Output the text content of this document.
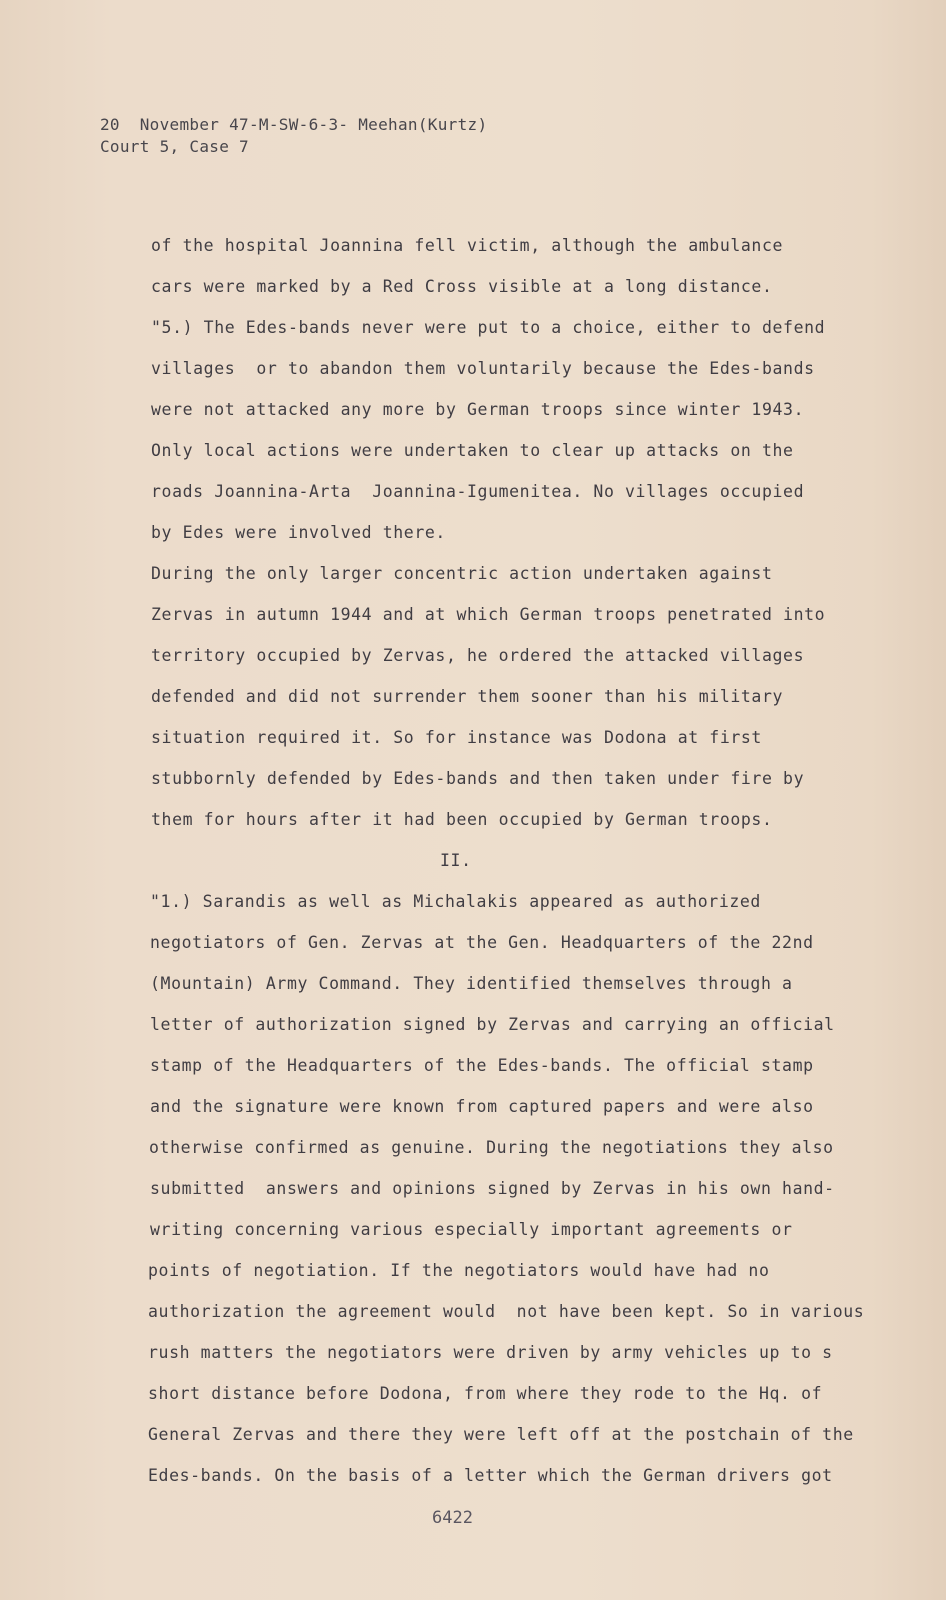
20  November 47-M-SW-6-3- Meehan(Kurtz)
Court 5, Case 7
of the hospital Joannina fell victim, although the ambulance
cars were marked by a Red Cross visible at a long distance.
"5.) The Edes-bands never were put to a choice, either to defend
villages  or to abandon them voluntarily because the Edes-bands
were not attacked any more by German troops since winter 1943.
Only local actions were undertaken to clear up attacks on the
roads Joannina-Arta  Joannina-Igumenitea. No villages occupied
by Edes were involved there.
During the only larger concentric action undertaken against
Zervas in autumn 1944 and at which German troops penetrated into
territory occupied by Zervas, he ordered the attacked villages
defended and did not surrender them sooner than his military
situation required it. So for instance was Dodona at first
stubbornly defended by Edes-bands and then taken under fire by
them for hours after it had been occupied by German troops.
II.
"1.) Sarandis as well as Michalakis appeared as authorized
negotiators of Gen. Zervas at the Gen. Headquarters of the 22nd
(Mountain) Army Command. They identified themselves through a
letter of authorization signed by Zervas and carrying an official
stamp of the Headquarters of the Edes-bands. The official stamp
and the signature were known from captured papers and were also
otherwise confirmed as genuine. During the negotiations they also
submitted  answers and opinions signed by Zervas in his own hand-
writing concerning various especially important agreements or
points of negotiation. If the negotiators would have had no
authorization the agreement would  not have been kept. So in various
rush matters the negotiators were driven by army vehicles up to s
short distance before Dodona, from where they rode to the Hq. of
General Zervas and there they were left off at the postchain of the
Edes-bands. On the basis of a letter which the German drivers got
6422
